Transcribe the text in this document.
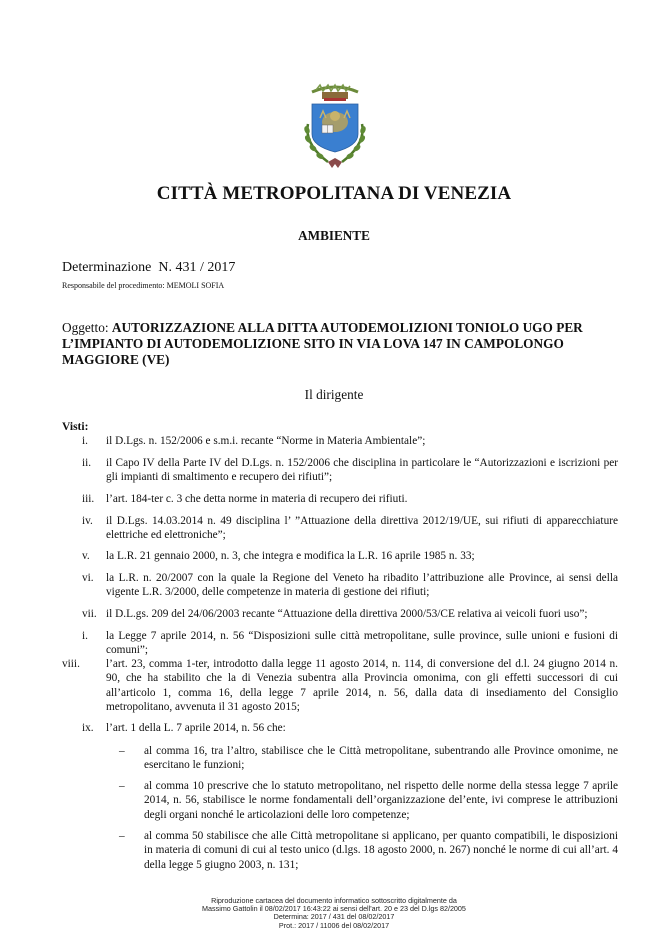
CITTÀ METROPOLITANA DI VENEZIA
AMBIENTE
Determinazione  N. 431 / 2017
Responsabile del procedimento: MEMOLI SOFIA
Oggetto: AUTORIZZAZIONE ALLA DITTA AUTODEMOLIZIONI TONIOLO UGO PER L’IMPIANTO DI AUTODEMOLIZIONE SITO IN VIA LOVA 147 IN CAMPOLONGO MAGGIORE (VE)
Il dirigente
Visti:
i. il D.Lgs. n. 152/2006 e s.m.i. recante “Norme in Materia Ambientale”;
ii. il Capo IV della Parte IV del D.Lgs. n. 152/2006 che disciplina in particolare le “Autorizzazioni e iscrizioni per gli impianti di smaltimento e recupero dei rifiuti”;
iii. l’art. 184-ter c. 3 che detta norme in materia di recupero dei rifiuti.
iv. il D.Lgs. 14.03.2014 n. 49 disciplina l’ ”Attuazione della direttiva 2012/19/UE, sui rifiuti di apparecchiature elettriche ed elettroniche”;
v. la L.R. 21 gennaio 2000, n. 3, che integra e modifica la L.R. 16 aprile 1985 n. 33;
vi. la L.R. n. 20/2007 con la quale la Regione del Veneto ha ribadito l’attribuzione alle Province, ai sensi della vigente L.R. 3/2000, delle competenze in materia di gestione dei rifiuti;
vii. il D.L.gs. 209 del 24/06/2003 recante “Attuazione della direttiva 2000/53/CE relativa ai veicoli fuori uso”;
i. la Legge 7 aprile 2014, n. 56 “Disposizioni sulle città metropolitane, sulle province, sulle unioni e fusioni di comuni”;
viii. l’art. 23, comma 1-ter, introdotto dalla legge 11 agosto 2014, n. 114, di conversione del d.l. 24 giugno 2014 n. 90, che ha stabilito che la di Venezia subentra alla Provincia omonima, con gli effetti successori di cui all’articolo 1, comma 16, della legge 7 aprile 2014, n. 56, dalla data di insediamento del Consiglio metropolitano, avvenuta il 31 agosto 2015;
ix. l’art. 1 della L. 7 aprile 2014, n. 56 che:
– al comma 16, tra l’altro, stabilisce che le Città metropolitane, subentrando alle Province omonime, ne esercitano le funzioni;
– al comma 10 prescrive che lo statuto metropolitano, nel rispetto delle norme della stessa legge 7 aprile 2014, n. 56, stabilisce le norme fondamentali dell’organizzazione del’ente, ivi comprese le attribuzioni degli organi nonché le articolazioni delle loro competenze;
– al comma 50 stabilisce che alle Città metropolitane si applicano, per quanto compatibili, le disposizioni in materia di comuni di cui al testo unico (d.lgs. 18 agosto 2000, n. 267) nonché le norme di cui all’art. 4 della legge 5 giugno 2003, n. 131;
Riproduzione cartacea del documento informatico sottoscritto digitalmente da
Massimo Gattolin il 08/02/2017 16:43:22 ai sensi dell'art. 20 e 23 del D.lgs 82/2005
Determina: 2017 / 431 del 08/02/2017
Prot.: 2017 / 11006 del 08/02/2017
